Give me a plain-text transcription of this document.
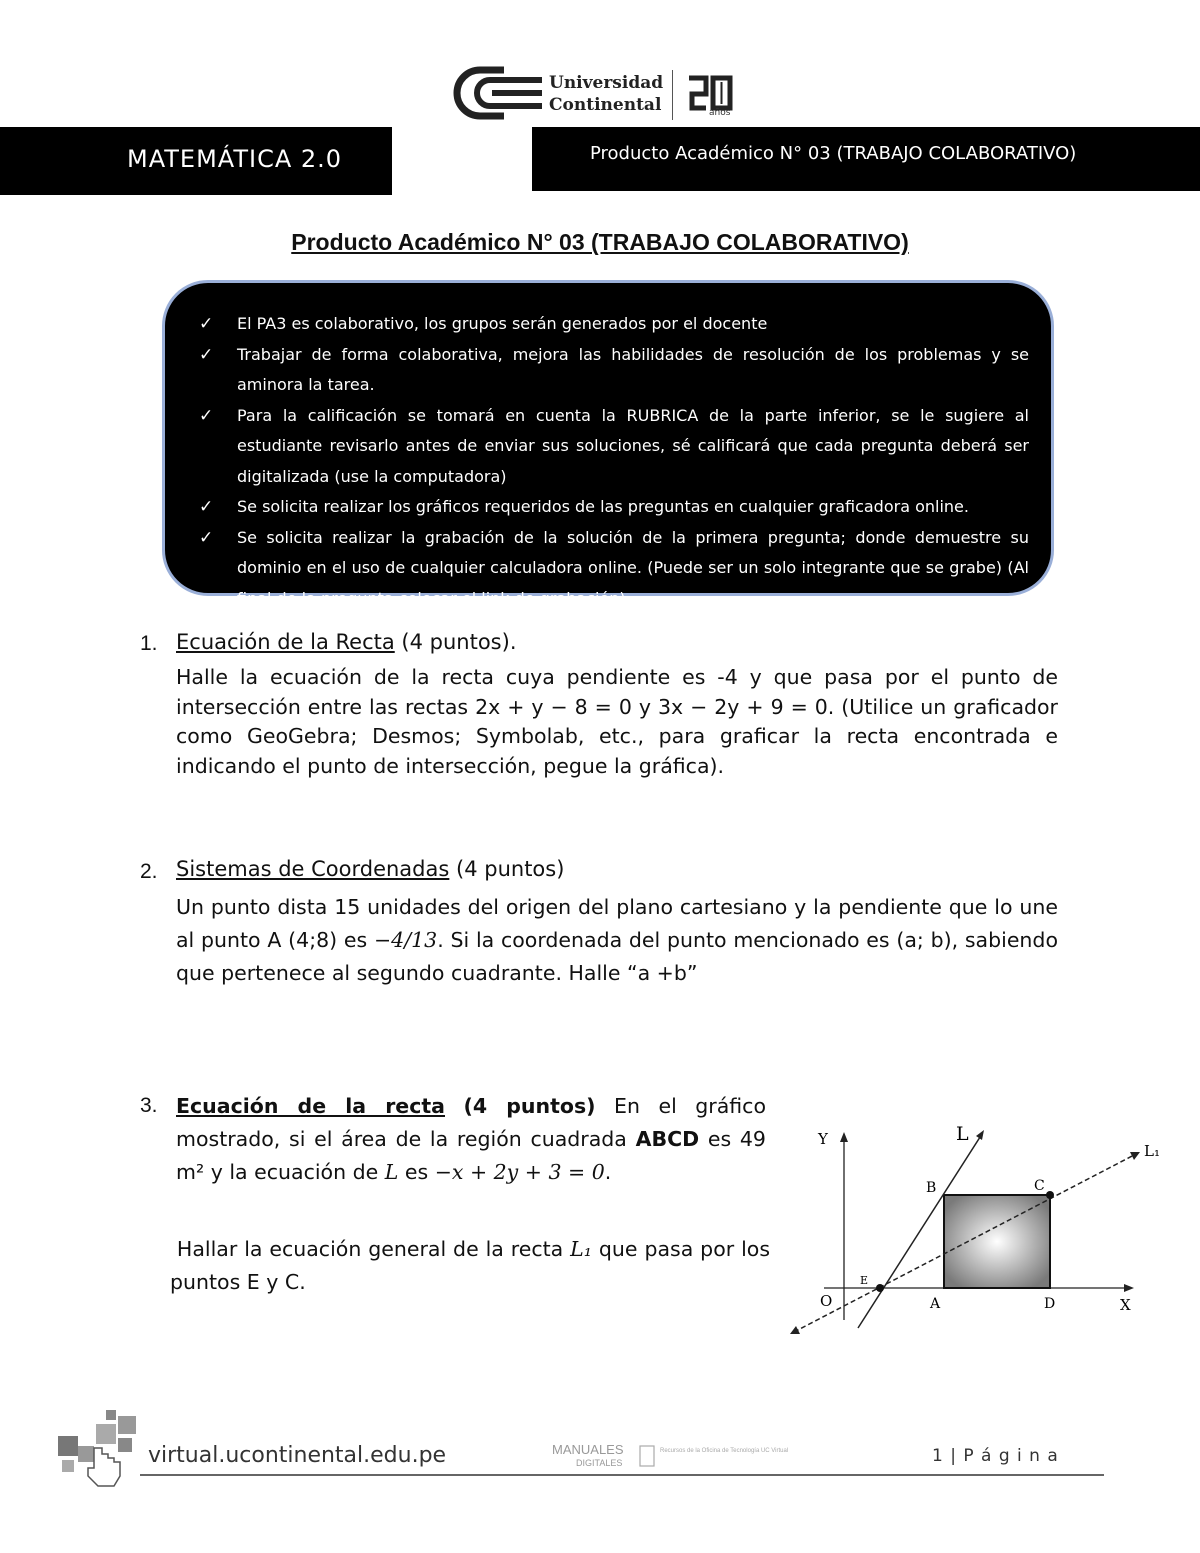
Universidad
Continental	años
MATEMÁTICA 2.0	Producto Académico N° 03 (TRABAJO COLABORATIVO)
Producto Académico N° 03 (TRABAJO COLABORATIVO)
✓ El PA3 es colaborativo, los grupos serán generados por el docente
✓ Trabajar de forma colaborativa, mejora las habilidades de resolución de los problemas y se aminora la tarea.
✓ Para la calificación se tomará en cuenta la RUBRICA de la parte inferior, se le sugiere al estudiante revisarlo antes de enviar sus soluciones, sé calificará que cada pregunta deberá ser digitalizada (use la computadora)
✓ Se solicita realizar los gráficos requeridos de las preguntas en cualquier graficadora online.
✓ Se solicita realizar la grabación de la solución de la primera pregunta; donde demuestre su dominio en el uso de cualquier calculadora online. (Puede ser un solo integrante que se grabe) (Al final de la pregunta colocar el link de grabación)
1. Ecuación de la Recta (4 puntos).
Halle la ecuación de la recta cuya pendiente es -4 y que pasa por el punto de intersección entre las rectas 2x + y − 8 = 0 y 3x − 2y + 9 = 0. (Utilice un graficador como GeoGebra; Desmos; Symbolab, etc., para graficar la recta encontrada e indicando el punto de intersección, pegue la gráfica).
2. Sistemas de Coordenadas (4 puntos)
Un punto dista 15 unidades del origen del plano cartesiano y la pendiente que lo une al punto A (4;8) es −4/13. Si la coordenada del punto mencionado es (a; b), sabiendo que pertenece al segundo cuadrante. Halle “a +b”
3. Ecuación de la recta (4 puntos) En el gráfico mostrado, si el área de la región cuadrada ABCD es 49 m² y la ecuación de L es −x + 2y + 3 = 0.
Hallar la ecuación general de la recta L₁ que pasa por los puntos E y C.
Y
X
O
L
L₁
A
B	C
D
E
virtual.ucontinental.edu.pe	MANUALES
DIGITALES
Recursos de la Oficina de Tecnología UC Virtual	1 | P á g i n a
